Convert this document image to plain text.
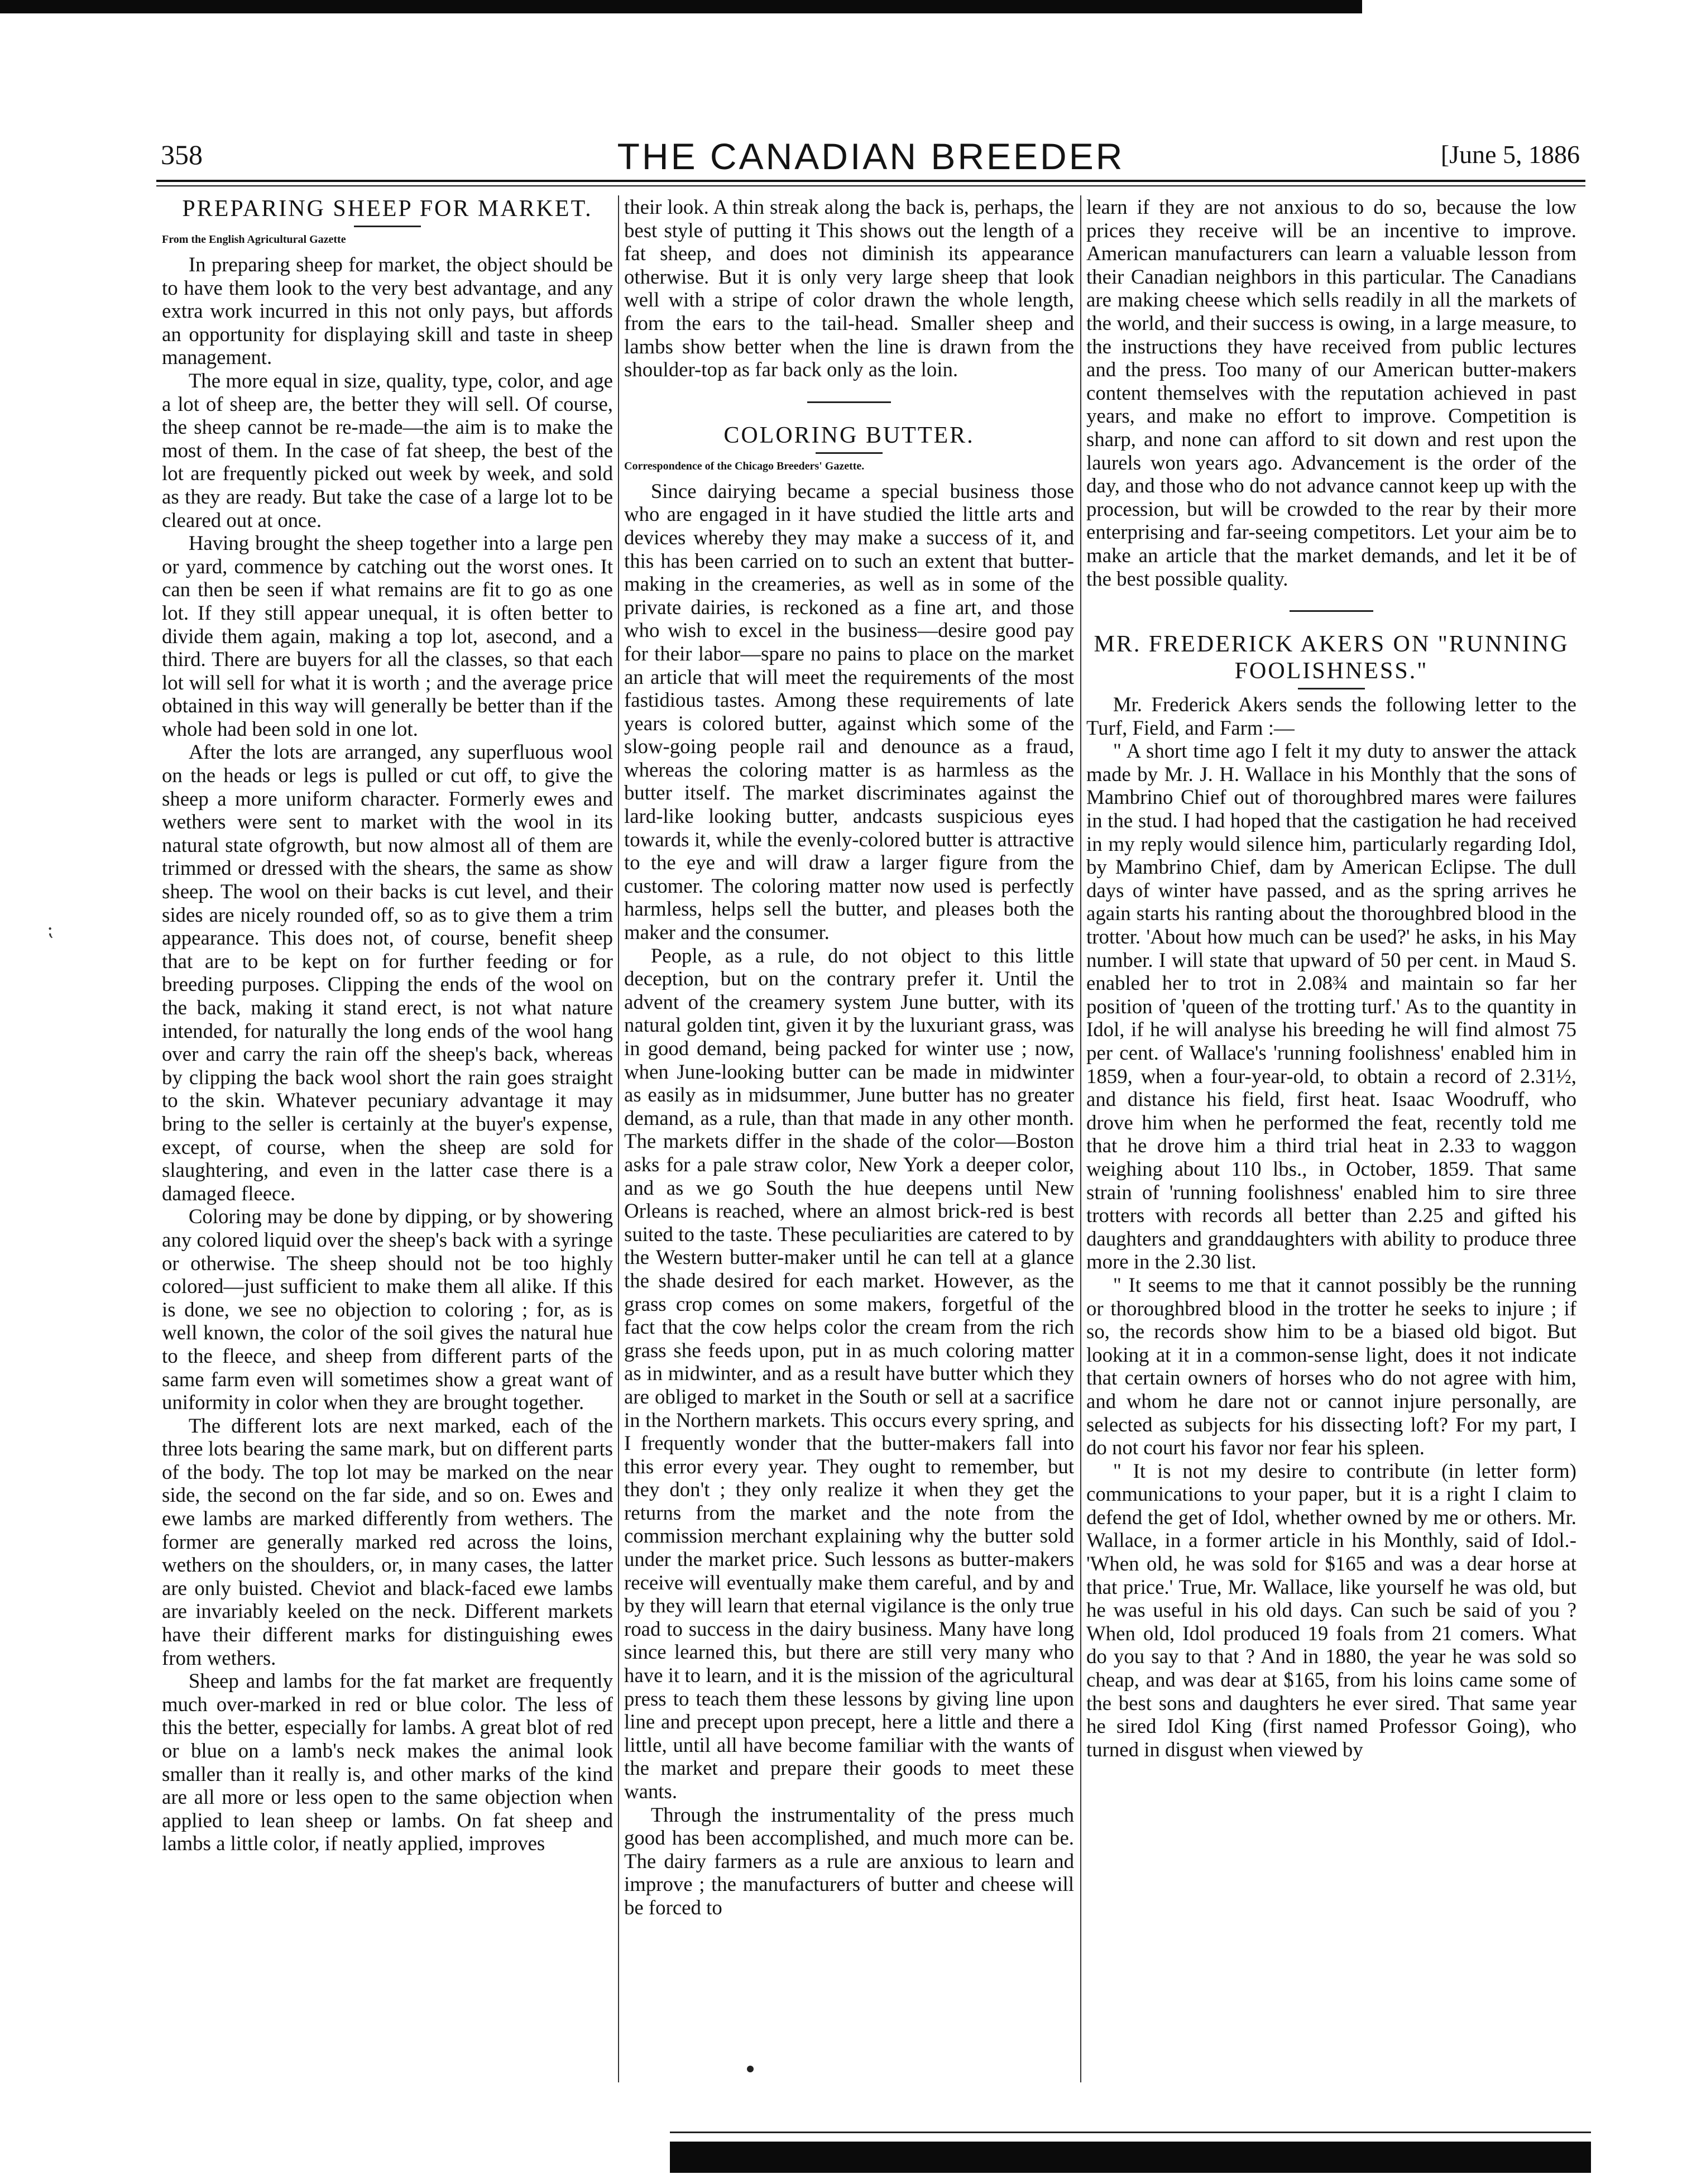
⁏
358	THE CANADIAN BREEDER	[June 5, 1886
PREPARING SHEEP FOR MARKET.
From the English Agricultural Gazette

In preparing sheep for market, the object should be to have them look to the very best advantage, and any extra work incurred in this not only pays, but affords an opportunity for displaying skill and taste in sheep management.

The more equal in size, quality, type, color, and age a lot of sheep are, the better they will sell. Of course, the sheep cannot be re-made—the aim is to make the most of them. In the case of fat sheep, the best of the lot are frequently picked out week by week, and sold as they are ready. But take the case of a large lot to be cleared out at once.

Having brought the sheep together into a large pen or yard, commence by catching out the worst ones. It can then be seen if what remains are fit to go as one lot. If they still appear unequal, it is often better to divide them again, making a top lot, asecond, and a third. There are buyers for all the classes, so that each lot will sell for what it is worth ; and the average price obtained in this way will generally be better than if the whole had been sold in one lot.

After the lots are arranged, any superfluous wool on the heads or legs is pulled or cut off, to give the sheep a more uniform character. Formerly ewes and wethers were sent to market with the wool in its natural state ofgrowth, but now almost all of them are trimmed or dressed with the shears, the same as show sheep. The wool on their backs is cut level, and their sides are nicely rounded off, so as to give them a trim appearance. This does not, of course, benefit sheep that are to be kept on for further feeding or for breeding purposes. Clipping the ends of the wool on the back, making it stand erect, is not what nature intended, for naturally the long ends of the wool hang over and carry the rain off the sheep's back, whereas by clipping the back wool short the rain goes straight to the skin. Whatever pecuniary advantage it may bring to the seller is certainly at the buyer's expense, except, of course, when the sheep are sold for slaughtering, and even in the latter case there is a damaged fleece.

Coloring may be done by dipping, or by showering any colored liquid over the sheep's back with a syringe or otherwise. The sheep should not be too highly colored—just sufficient to make them all alike. If this is done, we see no objection to coloring ; for, as is well known, the color of the soil gives the natural hue to the fleece, and sheep from different parts of the same farm even will sometimes show a great want of uniformity in color when they are brought together.

The different lots are next marked, each of the three lots bearing the same mark, but on different parts of the body. The top lot may be marked on the near side, the second on the far side, and so on. Ewes and ewe lambs are marked differently from wethers. The former are generally marked red across the loins, wethers on the shoulders, or, in many cases, the latter are only buisted. Cheviot and black-faced ewe lambs are invariably keeled on the neck. Different markets have their different marks for distinguishing ewes from wethers.

Sheep and lambs for the fat market are frequently much over-marked in red or blue color. The less of this the better, especially for lambs. A great blot of red or blue on a lamb's neck makes the animal look smaller than it really is, and other marks of the kind are all more or less open to the same objection when applied to lean sheep or lambs. On fat sheep and lambs a little color, if neatly applied, improves

their look. A thin streak along the back is, perhaps, the best style of putting it This shows out the length of a fat sheep, and does not diminish its appearance otherwise. But it is only very large sheep that look well with a stripe of color drawn the whole length, from the ears to the tail-head. Smaller sheep and lambs show better when the line is drawn from the shoulder-top as far back only as the loin.

COLORING BUTTER.
Correspondence of the Chicago Breeders' Gazette.

Since dairying became a special business those who are engaged in it have studied the little arts and devices whereby they may make a success of it, and this has been carried on to such an extent that butter-making in the creameries, as well as in some of the private dairies, is reckoned as a fine art, and those who wish to excel in the business—desire good pay for their labor—spare no pains to place on the market an article that will meet the requirements of the most fastidious tastes. Among these requirements of late years is colored butter, against which some of the slow-going people rail and denounce as a fraud, whereas the coloring matter is as harmless as the butter itself. The market discriminates against the lard-like looking butter, andcasts suspicious eyes towards it, while the evenly-colored butter is attractive to the eye and will draw a larger figure from the customer. The coloring matter now used is perfectly harmless, helps sell the butter, and pleases both the maker and the consumer.

People, as a rule, do not object to this little deception, but on the contrary prefer it. Until the advent of the creamery system June butter, with its natural golden tint, given it by the luxuriant grass, was in good demand, being packed for winter use ; now, when June-looking butter can be made in midwinter as easily as in midsummer, June butter has no greater demand, as a rule, than that made in any other month. The markets differ in the shade of the color—Boston asks for a pale straw color, New York a deeper color, and as we go South the hue deepens until New Orleans is reached, where an almost brick-red is best suited to the taste. These peculiarities are catered to by the Western butter-maker until he can tell at a glance the shade desired for each market. However, as the grass crop comes on some makers, forgetful of the fact that the cow helps color the cream from the rich grass she feeds upon, put in as much coloring matter as in midwinter, and as a result have butter which they are obliged to market in the South or sell at a sacrifice in the Northern markets. This occurs every spring, and I frequently wonder that the butter-makers fall into this error every year. They ought to remember, but they don't ; they only realize it when they get the returns from the market and the note from the commission merchant explaining why the butter sold under the market price. Such lessons as butter-makers receive will eventually make them careful, and by and by they will learn that eternal vigilance is the only true road to success in the dairy business. Many have long since learned this, but there are still very many who have it to learn, and it is the mission of the agricultural press to teach them these lessons by giving line upon line and precept upon precept, here a little and there a little, until all have become familiar with the wants of the market and prepare their goods to meet these wants.

Through the instrumentality of the press much good has been accomplished, and much more can be. The dairy farmers as a rule are anxious to learn and improve ; the manufacturers of butter and cheese will be forced to

learn if they are not anxious to do so, because the low prices they receive will be an incentive to improve. American manufacturers can learn a valuable lesson from their Canadian neighbors in this particular. The Canadians are making cheese which sells readily in all the markets of the world, and their success is owing, in a large measure, to the instructions they have received from public lectures and the press. Too many of our American butter-makers content themselves with the reputation achieved in past years, and make no effort to improve. Competition is sharp, and none can afford to sit down and rest upon the laurels won years ago. Advancement is the order of the day, and those who do not advance cannot keep up with the procession, but will be crowded to the rear by their more enterprising and far-seeing competitors. Let your aim be to make an article that the market demands, and let it be of the best possible quality.

MR. FREDERICK AKERS ON "RUNNING FOOLISHNESS."

Mr. Frederick Akers sends the following letter to the Turf, Field, and Farm :—

" A short time ago I felt it my duty to answer the attack made by Mr. J. H. Wallace in his Monthly that the sons of Mambrino Chief out of thoroughbred mares were failures in the stud. I had hoped that the castigation he had received in my reply would silence him, particularly regarding Idol, by Mambrino Chief, dam by American Eclipse. The dull days of winter have passed, and as the spring arrives he again starts his ranting about the thoroughbred blood in the trotter. 'About how much can be used?' he asks, in his May number. I will state that upward of 50 per cent. in Maud S. enabled her to trot in 2.08¾ and maintain so far her position of 'queen of the trotting turf.' As to the quantity in Idol, if he will analyse his breeding he will find almost 75 per cent. of Wallace's 'running foolishness' enabled him in 1859, when a four-year-old, to obtain a record of 2.31½, and distance his field, first heat. Isaac Woodruff, who drove him when he performed the feat, recently told me that he drove him a third trial heat in 2.33 to waggon weighing about 110 lbs., in October, 1859. That same strain of 'running foolishness' enabled him to sire three trotters with records all better than 2.25 and gifted his daughters and granddaughters with ability to produce three more in the 2.30 list.

" It seems to me that it cannot possibly be the running or thoroughbred blood in the trotter he seeks to injure ; if so, the records show him to be a biased old bigot. But looking at it in a common-sense light, does it not indicate that certain owners of horses who do not agree with him, and whom he dare not or cannot injure personally, are selected as subjects for his dissecting loft? For my part, I do not court his favor nor fear his spleen.

" It is not my desire to contribute (in letter form) communications to your paper, but it is a right I claim to defend the get of Idol, whether owned by me or others. Mr. Wallace, in a former article in his Monthly, said of Idol.-'When old, he was sold for $165 and was a dear horse at that price.' True, Mr. Wallace, like yourself he was old, but he was useful in his old days. Can such be said of you ? When old, Idol produced 19 foals from 21 comers. What do you say to that ? And in 1880, the year he was sold so cheap, and was dear at $165, from his loins came some of the best sons and daughters he ever sired. That same year he sired Idol King (first named Professor Going), who turned in disgust when viewed by
